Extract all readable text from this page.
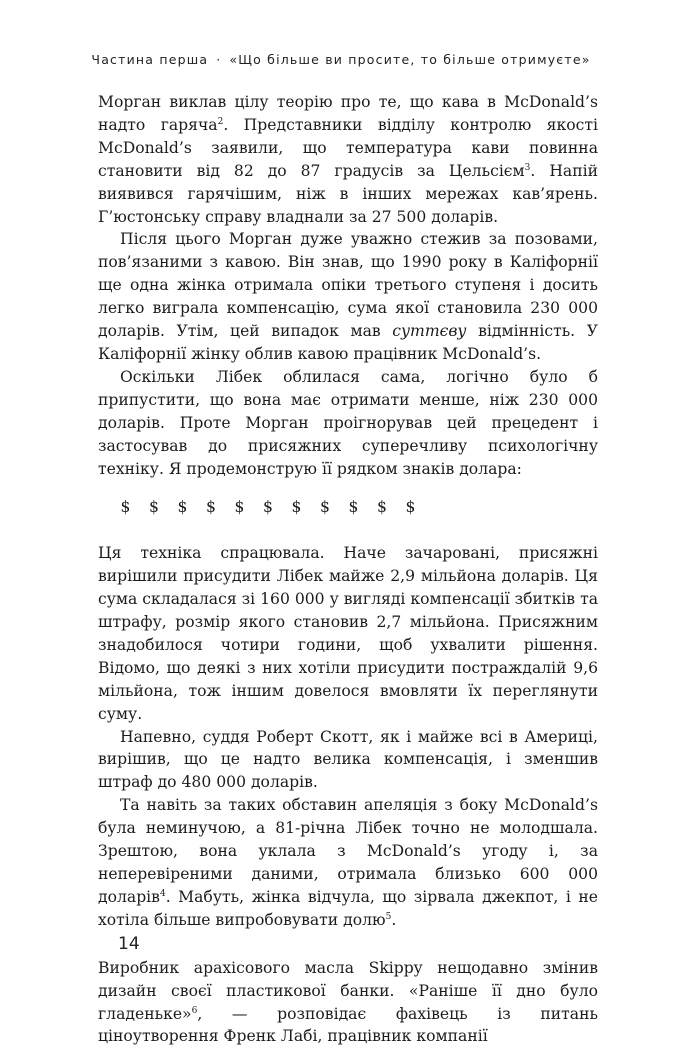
Частина перша · «Що більше ви просите, то більше отримуєте»

Морган виклав цілу теорію про те, що кава в McDonald’s надто гаряча$^2$. Представники відділу контролю якості McDonald’s заявили, що температура кави повинна становити від 82 до 87 градусів за Цельсієм$^3$. Напій виявився гарячішим, ніж в інших мережах кав’ярень. Г’юстонську справу владнали за 27 500 доларів.

Після цього Морган дуже уважно стежив за позовами, пов’язаними з кавою. Він знав, що 1990 року в Каліфорнії ще одна жінка отримала опіки третього ступеня і досить легко виграла компенсацію, сума якої становила 230 000 доларів. Утім, цей випадок мав суттєву відмінність. У Каліфорнії жінку облив кавою працівник McDonald’s.

Оскільки Лібек облилася сама, логічно було б припустити, що вона має отримати менше, ніж 230 000 доларів. Проте Морган проігнорував цей прецедент і застосував до присяжних суперечливу психологічну техніку. Я продемонструю її рядком знаків долара:

$ $ $ $ $ $ $ $ $ $ $

Ця техніка спрацювала. Наче зачаровані, присяжні вирішили присудити Лібек майже 2,9 мільйона доларів. Ця сума складалася зі 160 000 у вигляді компенсації збитків та штрафу, розмір якого становив 2,7 мільйона. Присяжним знадобилося чотири години, щоб ухвалити рішення. Відомо, що деякі з них хотіли присудити постраждалій 9,6 мільйона, тож іншим довелося вмовляти їх переглянути суму.

Напевно, суддя Роберт Скотт, як і майже всі в Америці, вирішив, що це надто велика компенсація, і зменшив штраф до 480 000 доларів.

Та навіть за таких обставин апеляція з боку McDonald’s була неминучою, а 81-річна Лібек точно не молодшала. Зрештою, вона уклала з McDonald’s угоду і, за неперевіреними даними, отримала близько 600 000 доларів$^4$. Мабуть, жінка відчула, що зірвала джекпот, і не хотіла більше випробовувати долю$^5$.

Виробник арахісового масла Skippy нещодавно змінив дизайн своєї пластикової банки. «Раніше її дно було гладеньке»$^6$, — розповідає фахівець із питань ціноутворення Френк Лабі, працівник компанії

14
